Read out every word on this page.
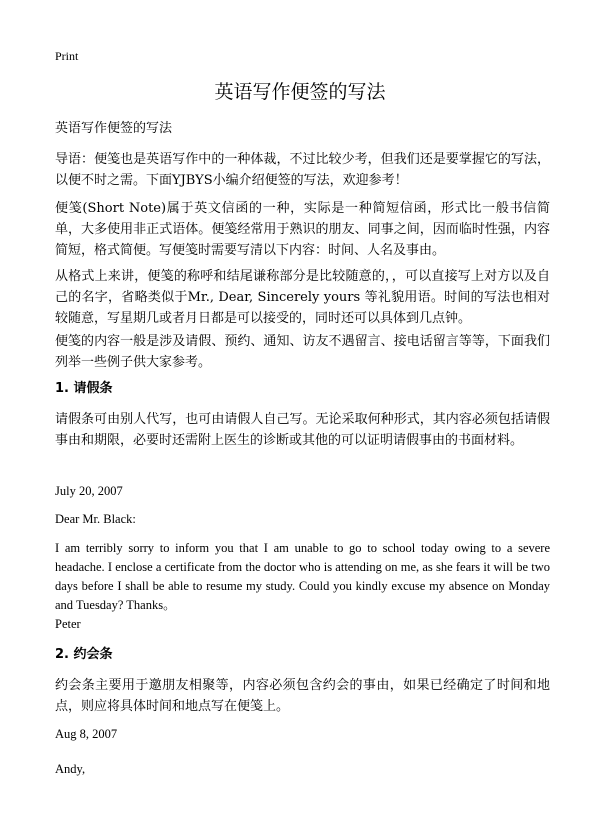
Print
英语写作便签的写法
英语写作便签的写法

导语：便笺也是英语写作中的一种体裁，不过比较少考，但我们还是要掌握它的写法，以便不时之需。下面YJBYS小编介绍便签的写法，欢迎参考！

便笺(Short Note)属于英文信函的一种，实际是一种简短信函，形式比一般书信简单，大多使用非正式语体。便笺经常用于熟识的朋友、同事之间，因而临时性强，内容简短，格式简便。写便笺时需要写清以下内容：时间、人名及事由。

从格式上来讲，便笺的称呼和结尾谦称部分是比较随意的，，可以直接写上对方以及自己的名字，省略类似于Mr., Dear, Sincerely yours 等礼貌用语。时间的写法也相对较随意，写星期几或者月日都是可以接受的，同时还可以具体到几点钟。

便笺的内容一般是涉及请假、预约、通知、访友不遇留言、接电话留言等等，下面我们列举一些例子供大家参考。

1. 请假条

请假条可由别人代写，也可由请假人自己写。无论采取何种形式，其内容必须包括请假事由和期限，必要时还需附上医生的诊断或其他的可以证明请假事由的书面材料。

July 20, 2007
Dear Mr. Black:

I am terribly sorry to inform you that I am unable to go to school today owing to a severe headache. I enclose a certificate from the doctor who is attending on me, as she fears it will be two days before I shall be able to resume my study. Could you kindly excuse my absence on Monday and Tuesday? Thanks。

Peter
2. 约会条

约会条主要用于邀朋友相聚等，内容必须包含约会的事由，如果已经确定了时间和地点，则应将具体时间和地点写在便笺上。

Aug 8, 2007
Andy,
